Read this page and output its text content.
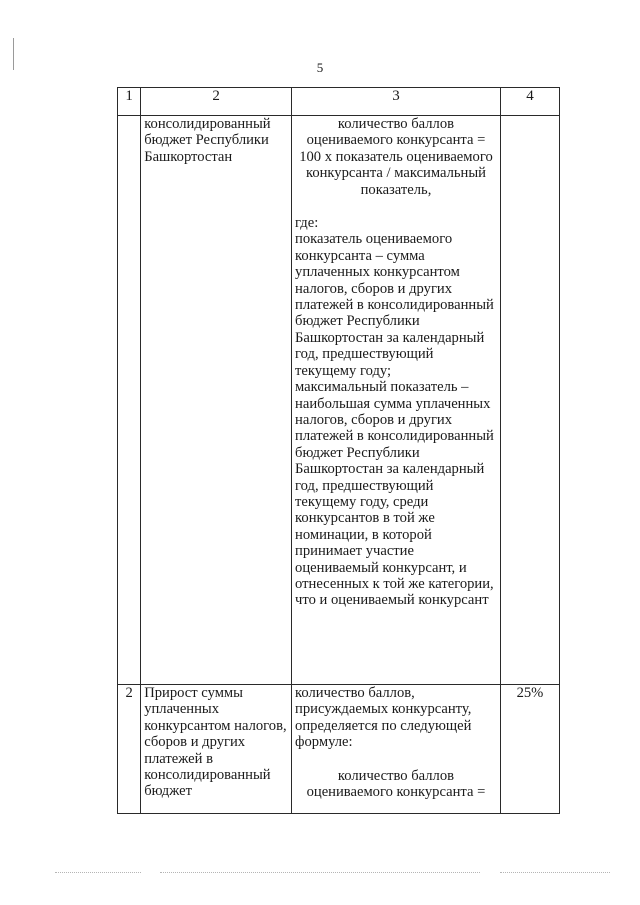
5
1	2	3	4
	консолидированный бюджет Республики Башкортостан	количество баллов оцениваемого конкурсанта = 100 х показатель оцениваемого конкурсанта / максимальный показатель,
где:
показатель оцениваемого конкурсанта – сумма уплаченных конкурсантом налогов, сборов и других платежей в консолидированный бюджет Республики Башкортостан за календарный год, предшествующий текущему году;
максимальный показатель – наибольшая сумма уплаченных налогов, сборов и других платежей в консолидированный бюджет Республики Башкортостан за календарный год, предшествующий текущему году, среди конкурсантов в той же номинации, в которой принимает участие оцениваемый конкурсант, и отнесенных к той же категории, что и оцениваемый конкурсант	

2	Прирост суммы уплаченных конкурсантом налогов, сборов и других платежей в консолидированный бюджет	количество баллов, присуждаемых конкурсанту, определяется по следующей формуле:
количество баллов оцениваемого конкурсанта =	25%
